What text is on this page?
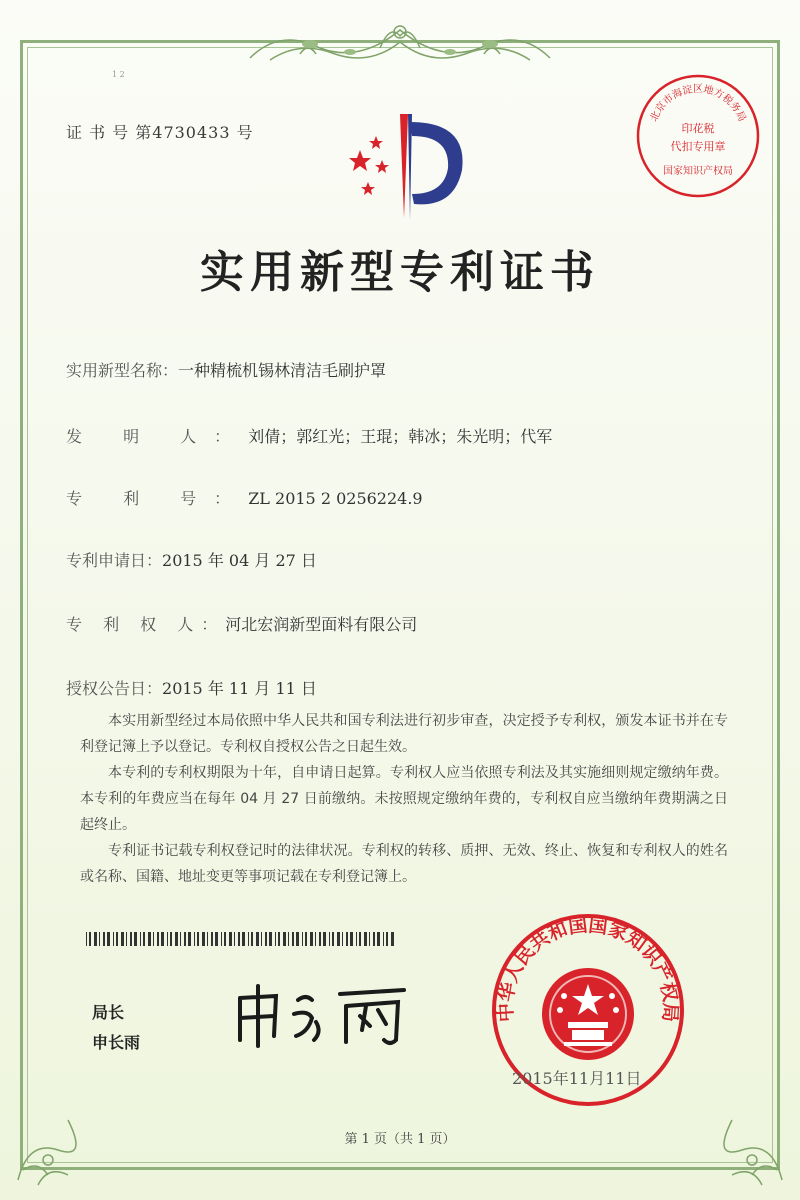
1 2
证 书 号 第4730433 号
北京市海淀区地方税务局
印花税
代扣专用章
国家知识产权局
实用新型专利证书
实用新型名称：一种精梳机锡林清洁毛刷护罩
发 明 人：刘倩；郭红光；王琨；韩冰；朱光明；代军
专 利 号：ZL 2015 2 0256224.9
专利申请日：2015 年 04 月 27 日
专 利 权 人：河北宏润新型面料有限公司
授权公告日：2015 年 11 月 11 日

本实用新型经过本局依照中华人民共和国专利法进行初步审查，决定授予专利权，颁发本证书并在专利登记簿上予以登记。专利权自授权公告之日起生效。

本专利的专利权期限为十年，自申请日起算。专利权人应当依照专利法及其实施细则规定缴纳年费。本专利的年费应当在每年 04 月 27 日前缴纳。未按照规定缴纳年费的，专利权自应当缴纳年费期满之日起终止。

专利证书记载专利权登记时的法律状况。专利权的转移、质押、无效、终止、恢复和专利权人的姓名或名称、国籍、地址变更等事项记载在专利登记簿上。

局长
申长雨
中华人民共和国国家知识产权局
2015年11月11日
第 1 页（共 1 页）
